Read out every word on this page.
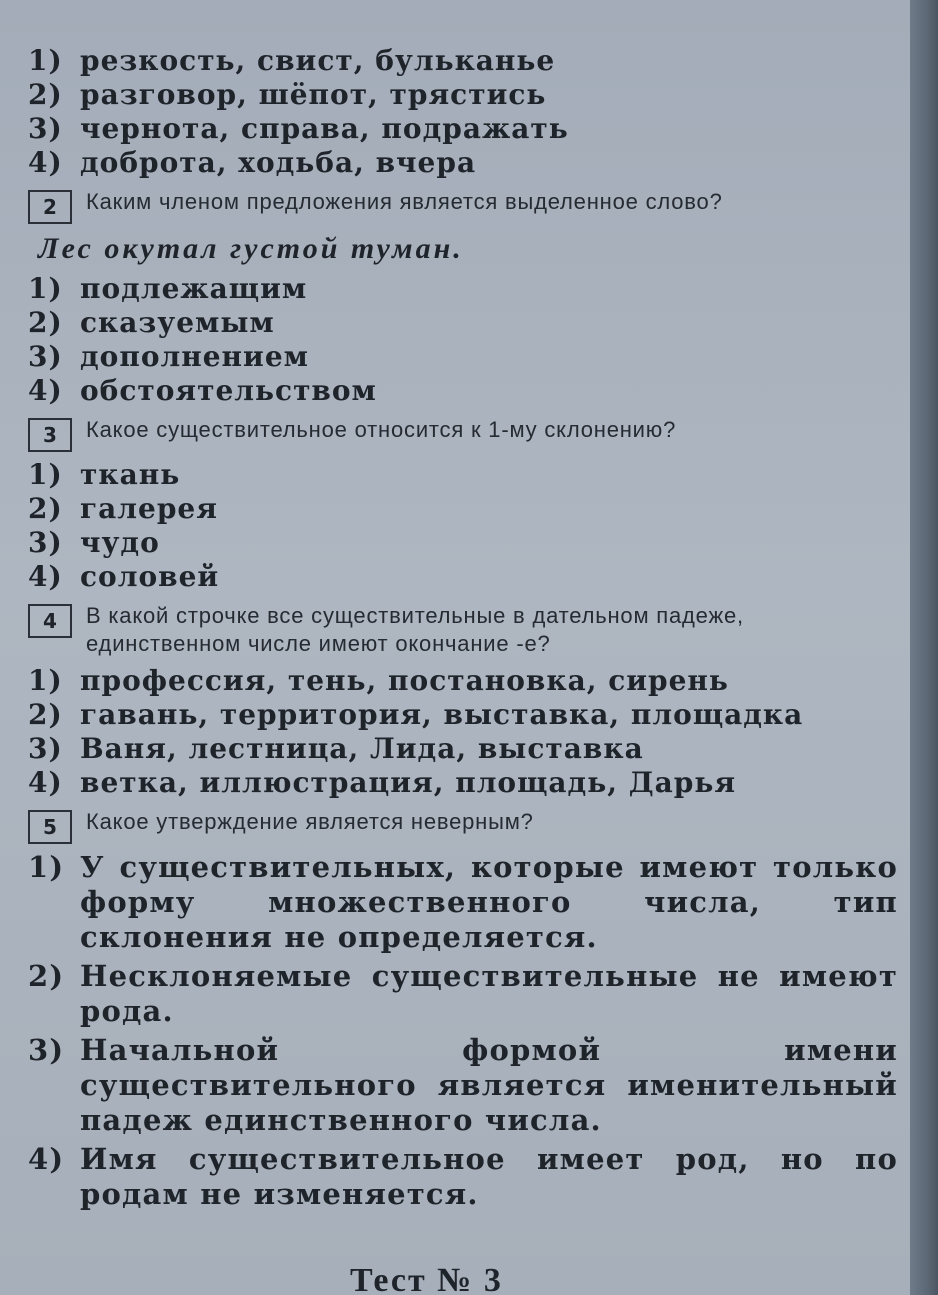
1) резкость, свист, бульканье
2) разговор, шёпот, трястись
3) чернота, справа, подражать
4) доброта, ходьба, вчера
2	Каким членом предложения является выделенное слово?
Лес окутал густой туман.
1) подлежащим
2) сказуемым
3) дополнением
4) обстоятельством
3	Какое существительное относится к 1-му склонению?
1) ткань
2) галерея
3) чудо
4) соловей
4	В какой строчке все существительные в дательном падеже, единственном числе имеют окончание -е?
1) профессия, тень, постановка, сирень
2) гавань, территория, выставка, площадка
3) Ваня, лестница, Лида, выставка
4) ветка, иллюстрация, площадь, Дарья
5	Какое утверждение является неверным?
1) У существительных, которые имеют только форму множественного числа, тип склонения не определяется.
2) Несклоняемые существительные не имеют рода.
3) Начальной формой имени существительного является именительный падеж единственного числа.
4) Имя существительное имеет род, но по родам не изменяется.
Тест № 3
